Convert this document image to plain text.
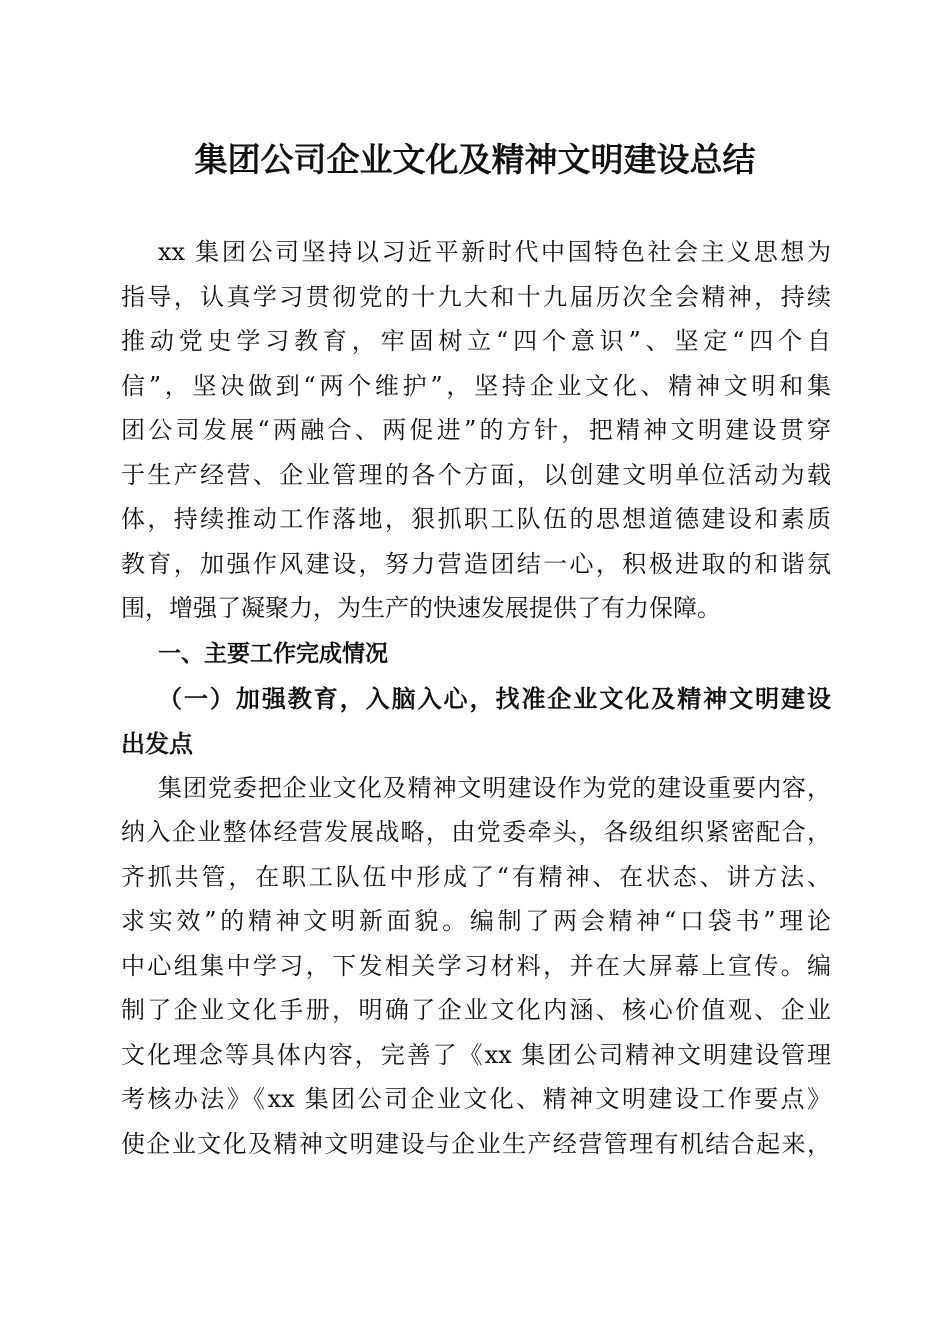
集团公司企业文化及精神文明建设总结

xx 集团公司坚持以习近平新时代中国特色社会主义思想为

指导，认真学习贯彻党的十九大和十九届历次全会精神，持续

推动党史学习教育，牢固树立“四个意识”、坚定“四个自

信”，坚决做到“两个维护”，坚持企业文化、精神文明和集

团公司发展“两融合、两促进”的方针，把精神文明建设贯穿

于生产经营、企业管理的各个方面，以创建文明单位活动为载

体，持续推动工作落地，狠抓职工队伍的思想道德建设和素质

教育，加强作风建设，努力营造团结一心，积极进取的和谐氛

围，增强了凝聚力，为生产的快速发展提供了有力保障。

一、主要工作完成情况

（一）加强教育，入脑入心，找准企业文化及精神文明建设

出发点

集团党委把企业文化及精神文明建设作为党的建设重要内容，

纳入企业整体经营发展战略，由党委牵头，各级组织紧密配合，

齐抓共管，在职工队伍中形成了“有精神、在状态、讲方法、

求实效”的精神文明新面貌。编制了两会精神“口袋书”理论

中心组集中学习，下发相关学习材料，并在大屏幕上宣传。编

制了企业文化手册，明确了企业文化内涵、核心价值观、企业

文化理念等具体内容，完善了《xx 集团公司精神文明建设管理

考核办法》《xx 集团公司企业文化、精神文明建设工作要点》

使企业文化及精神文明建设与企业生产经营管理有机结合起来，
